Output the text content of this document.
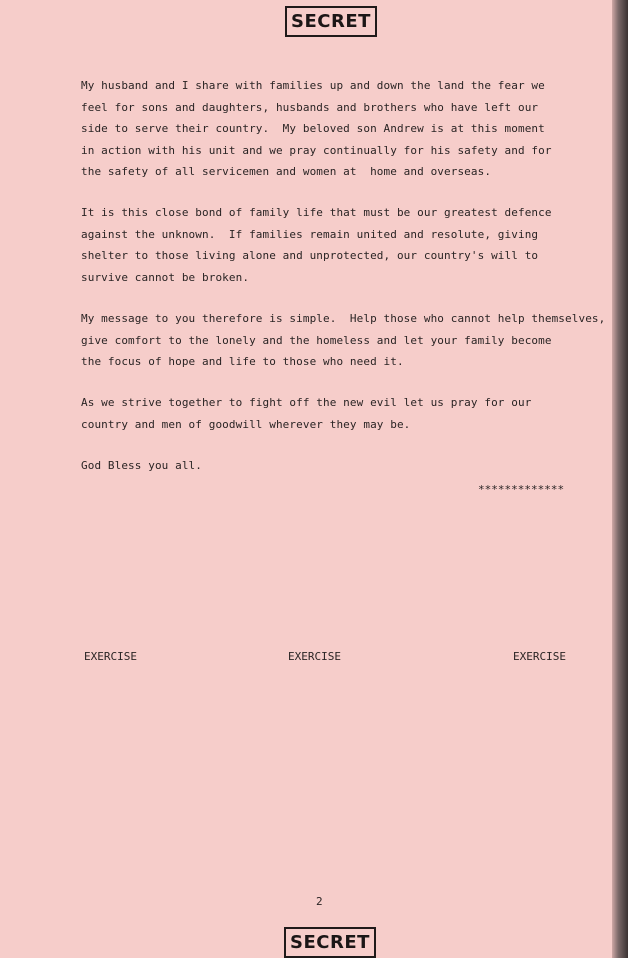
SECRET

My husband and I share with families up and down the land the fear we
feel for sons and daughters, husbands and brothers who have left our
side to serve their country.  My beloved son Andrew is at this moment
in action with his unit and we pray continually for his safety and for
the safety of all servicemen and women at  home and overseas.

It is this close bond of family life that must be our greatest defence
against the unknown.  If families remain united and resolute, giving
shelter to those living alone and unprotected, our country's will to
survive cannot be broken.

My message to you therefore is simple.  Help those who cannot help themselves,
give comfort to the lonely and the homeless and let your family become
the focus of hope and life to those who need it.

As we strive together to fight off the new evil let us pray for our
country and men of goodwill wherever they may be.

God Bless you all.

*************
EXERCISE	EXERCISE	EXERCISE
2
SECRET
